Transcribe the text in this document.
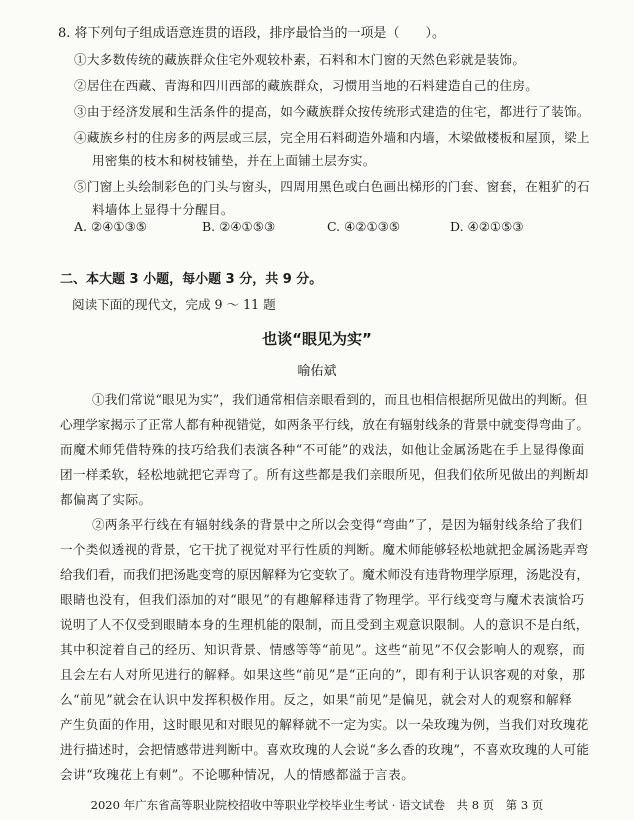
8. 将下列句子组成语意连贯的语段，排序最恰当的一项是（　　）。
①大多数传统的藏族群众住宅外观较朴素，石料和木门窗的天然色彩就是装饰。
②居住在西藏、青海和四川西部的藏族群众，习惯用当地的石料建造自己的住房。
③由于经济发展和生活条件的提高，如今藏族群众按传统形式建造的住宅，都进行了装饰。
④藏族乡村的住房多的两层或三层，完全用石料砌造外墙和内墙，木梁做楼板和屋顶，梁上
用密集的枝木和树枝铺垫，并在上面铺土层夯实。
⑤门窗上头绘制彩色的门头与窗头，四周用黑色或白色画出梯形的门套、窗套，在粗犷的石
料墙体上显得十分醒目。
A. ②④①③⑤	B. ②④①⑤③	C. ④②①③⑤	D. ④②①⑤③
二、本大题 3 小题，每小题 3 分，共 9 分。
阅读下面的现代文，完成 9 ～ 11 题
也谈“眼见为实”
喻佑斌
①我们常说“眼见为实”，我们通常相信亲眼看到的，而且也相信根据所见做出的判断。但
心理学家揭示了正常人都有种视错觉，如两条平行线，放在有辐射线条的背景中就变得弯曲了。
而魔术师凭借特殊的技巧给我们表演各种“不可能”的戏法，如他让金属汤匙在手上显得像面
团一样柔软，轻松地就把它弄弯了。所有这些都是我们亲眼所见，但我们依所见做出的判断却
都偏离了实际。
②两条平行线在有辐射线条的背景中之所以会变得“弯曲”了，是因为辐射线条给了我们
一个类似透视的背景，它干扰了视觉对平行性质的判断。魔术师能够轻松地就把金属汤匙弄弯
给我们看，而我们把汤匙变弯的原因解释为它变软了。魔术师没有违背物理学原理，汤匙没有，
眼睛也没有，但我们添加的对“眼见”的有趣解释违背了物理学。平行线变弯与魔术表演恰巧
说明了人不仅受到眼睛本身的生理机能的限制，而且受到主观意识限制。人的意识不是白纸，
其中积淀着自己的经历、知识背景、情感等等“前见”。这些“前见”不仅会影响人的观察，而
且会左右人对所见进行的解释。如果这些“前见”是“正向的”，即有利于认识客观的对象，那
么“前见”就会在认识中发挥积极作用。反之，如果“前见”是偏见，就会对人的观察和解释
产生负面的作用，这时眼见和对眼见的解释就不一定为实。以一朵玫瑰为例，当我们对玫瑰花
进行描述时，会把情感带进判断中。喜欢玫瑰的人会说“多么香的玫瑰”，不喜欢玫瑰的人可能
会讲“玫瑰花上有刺”。不论哪种情况，人的情感都溢于言表。
2020 年广东省高等职业院校招收中等职业学校毕业生考试 · 语文试卷　共 8 页　第 3 页
